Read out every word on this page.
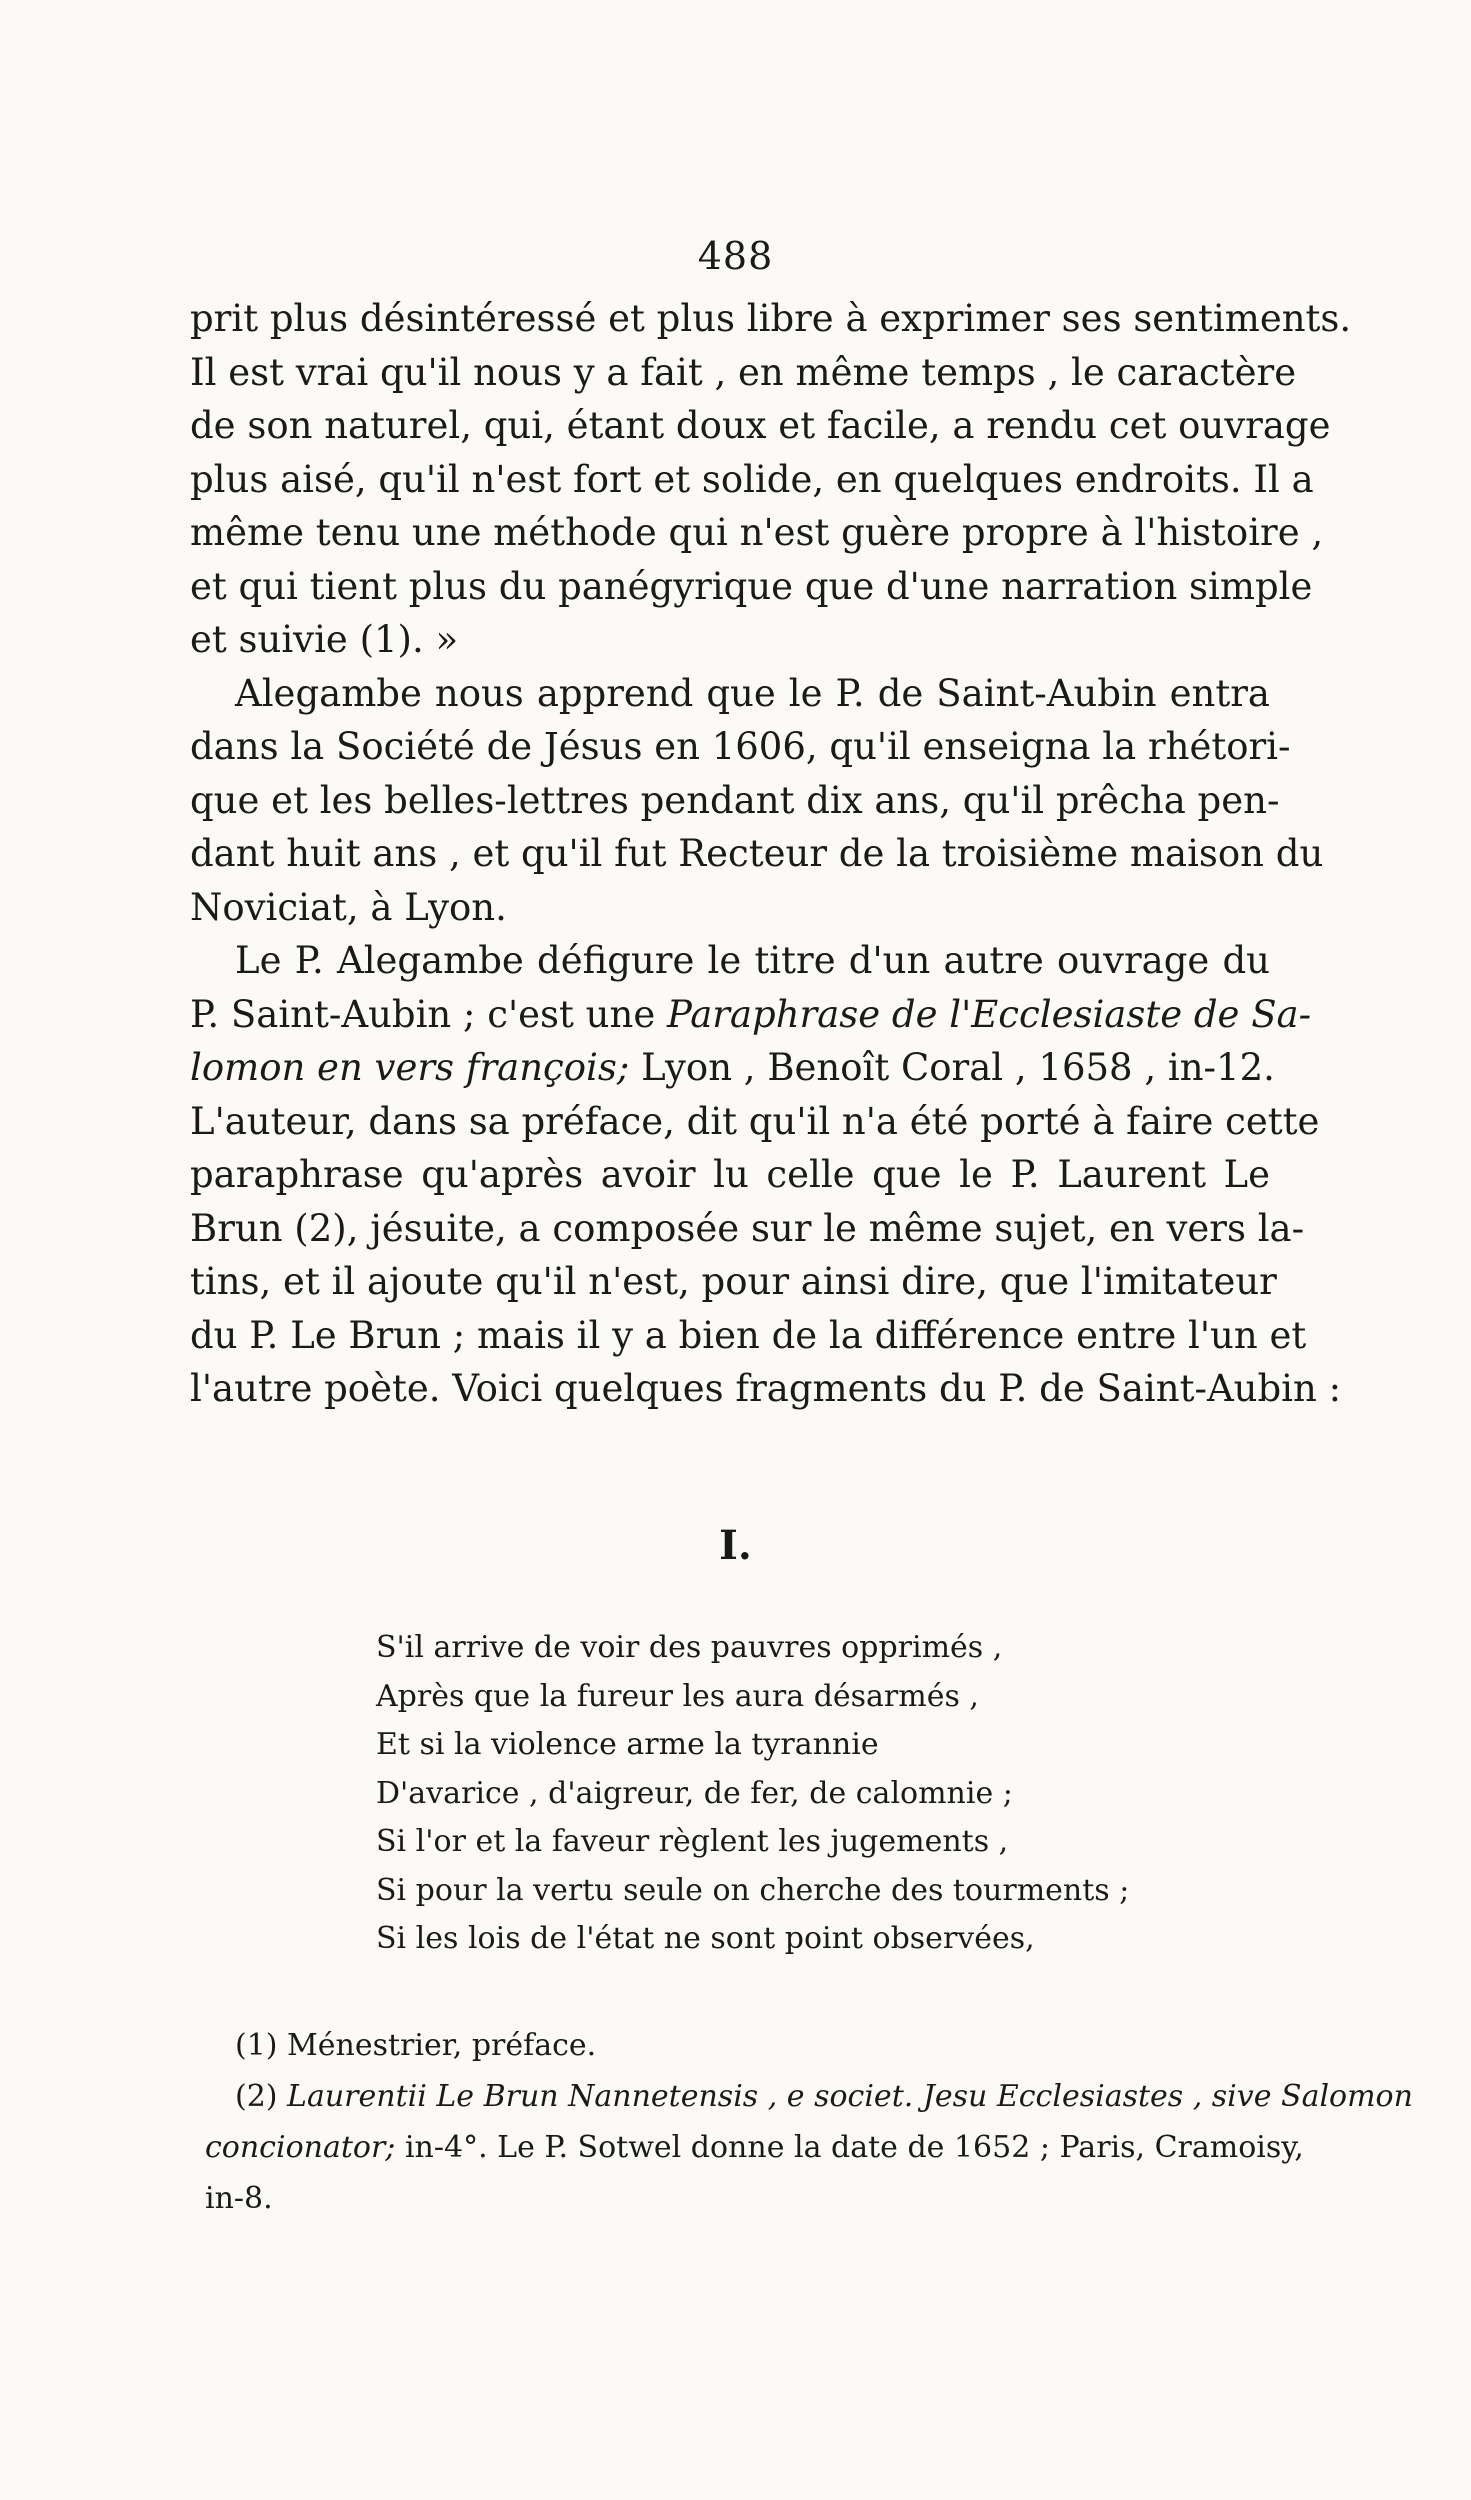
488
prit plus désintéressé et plus libre à exprimer ses sentiments.
Il est vrai qu'il nous y a fait , en même temps , le caractère
de son naturel, qui, étant doux et facile, a rendu cet ouvrage
plus aisé, qu'il n'est fort et solide, en quelques endroits. Il a
même tenu une méthode qui n'est guère propre à l'histoire ,
et qui tient plus du panégyrique que d'une narration simple
et suivie (1). »
Alegambe nous apprend que le P. de Saint-Aubin entra
dans la Société de Jésus en 1606, qu'il enseigna la rhétori-
que et les belles-lettres pendant dix ans, qu'il prêcha pen-
dant huit ans , et qu'il fut Recteur de la troisième maison du
Noviciat, à Lyon.
Le P. Alegambe défigure le titre d'un autre ouvrage du
P. Saint-Aubin ; c'est une Paraphrase de l'Ecclesiaste de Sa-
lomon en vers françois; Lyon , Benoît Coral , 1658 , in-12.
L'auteur, dans sa préface, dit qu'il n'a été porté à faire cette
paraphrase qu'après avoir lu celle que le P. Laurent Le
Brun (2), jésuite, a composée sur le même sujet, en vers la-
tins, et il ajoute qu'il n'est, pour ainsi dire, que l'imitateur
du P. Le Brun ; mais il y a bien de la différence entre l'un et
l'autre poète. Voici quelques fragments du P. de Saint-Aubin :
I.
S'il arrive de voir des pauvres opprimés ,
Après que la fureur les aura désarmés ,
Et si la violence arme la tyrannie
D'avarice , d'aigreur, de fer, de calomnie ;
Si l'or et la faveur règlent les jugements ,
Si pour la vertu seule on cherche des tourments ;
Si les lois de l'état ne sont point observées,
(1) Ménestrier, préface.
(2) Laurentii Le Brun Nannetensis , e societ. Jesu Ecclesiastes , sive Salomon
concionator; in-4°. Le P. Sotwel donne la date de 1652 ; Paris, Cramoisy,
in-8.
